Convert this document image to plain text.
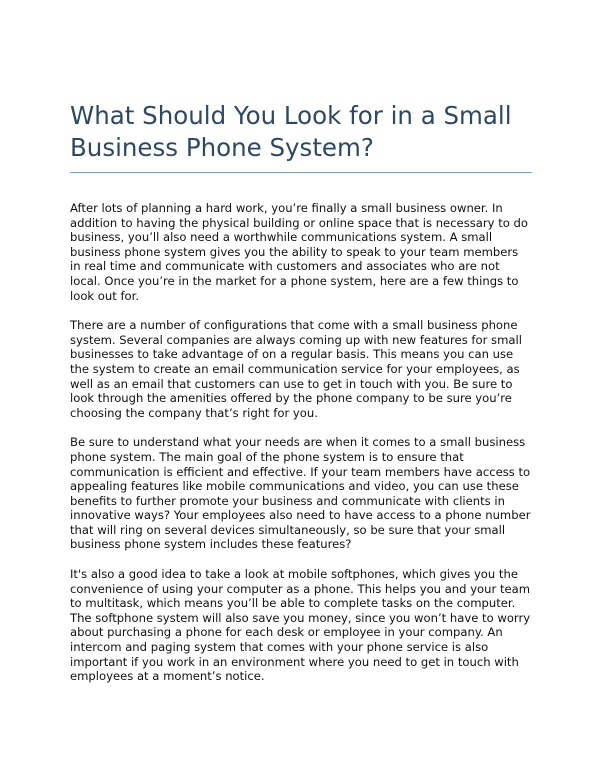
What Should You Look for in a Small Business Phone System?

After lots of planning a hard work, you’re finally a small business owner. In addition to having the physical building or online space that is necessary to do business, you’ll also need a worthwhile communications system. A small business phone system gives you the ability to speak to your team members in real time and communicate with customers and associates who are not local. Once you’re in the market for a phone system, here are a few things to look out for.

There are a number of configurations that come with a small business phone system. Several companies are always coming up with new features for small businesses to take advantage of on a regular basis. This means you can use the system to create an email communication service for your employees, as well as an email that customers can use to get in touch with you. Be sure to look through the amenities offered by the phone company to be sure you’re choosing the company that’s right for you.

Be sure to understand what your needs are when it comes to a small business phone system. The main goal of the phone system is to ensure that communication is efficient and effective. If your team members have access to appealing features like mobile communications and video, you can use these benefits to further promote your business and communicate with clients in innovative ways? Your employees also need to have access to a phone number that will ring on several devices simultaneously, so be sure that your small business phone system includes these features?

It's also a good idea to take a look at mobile softphones, which gives you the convenience of using your computer as a phone. This helps you and your team to multitask, which means you’ll be able to complete tasks on the computer. The softphone system will also save you money, since you won’t have to worry about purchasing a phone for each desk or employee in your company. An intercom and paging system that comes with your phone service is also important if you work in an environment where you need to get in touch with employees at a moment’s notice.
